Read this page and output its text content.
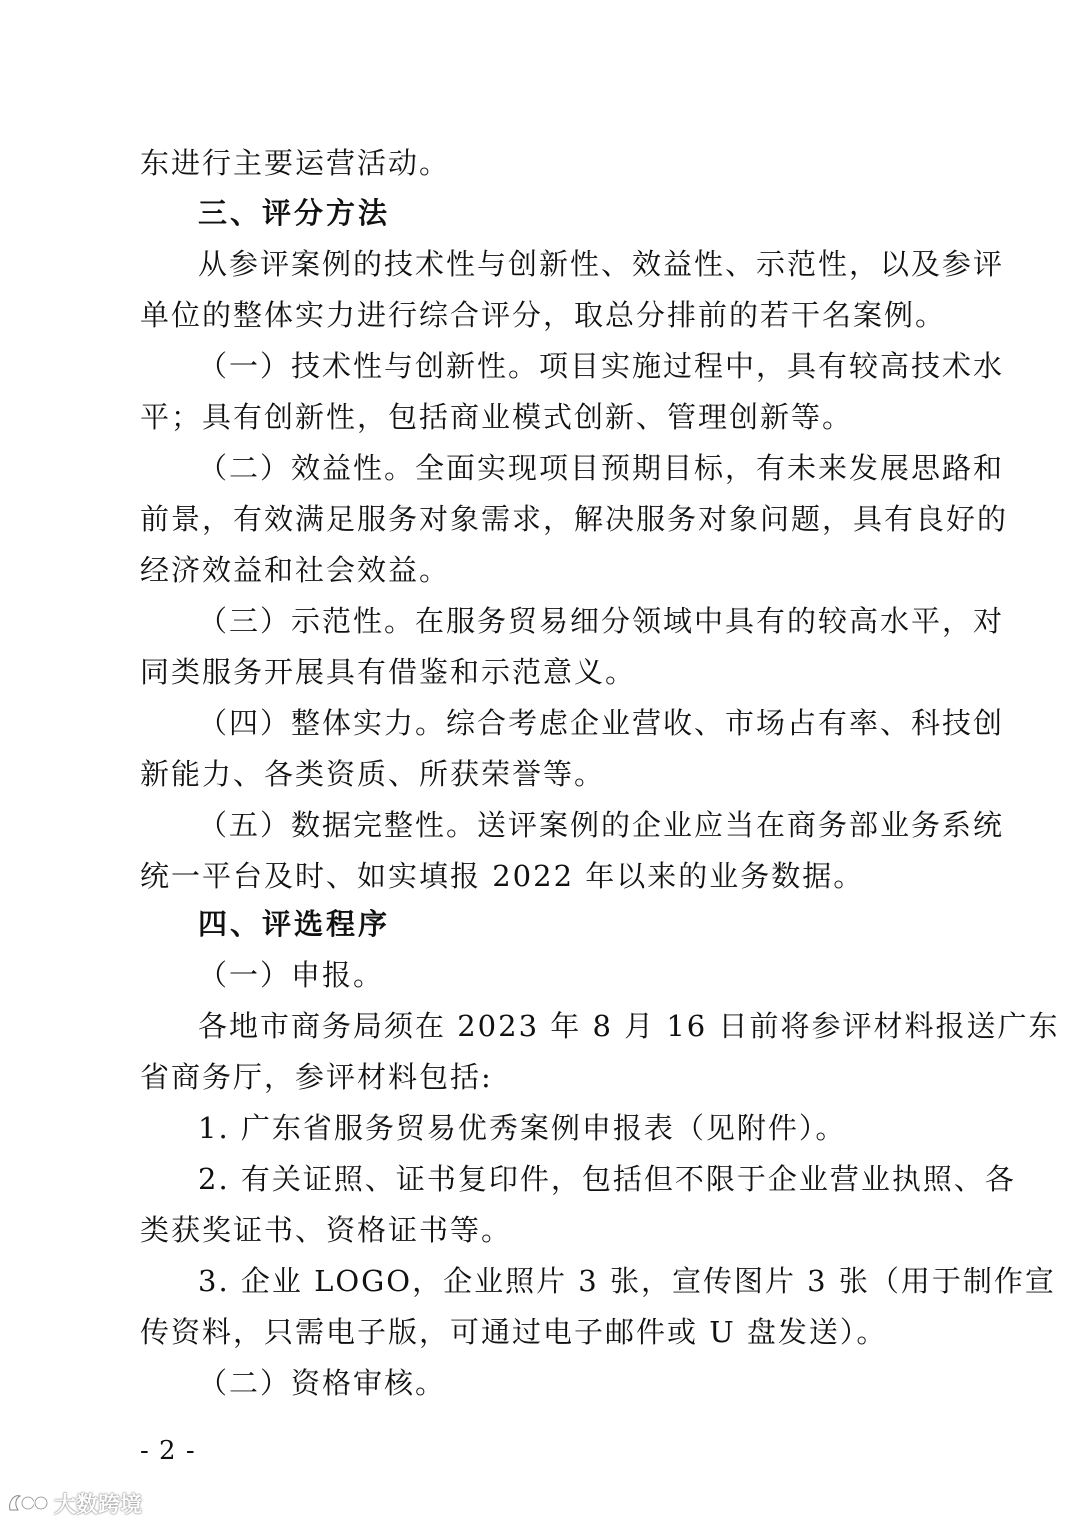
东进行主要运营活动。
三、评分方法
从参评案例的技术性与创新性、效益性、示范性，以及参评
单位的整体实力进行综合评分，取总分排前的若干名案例。
（一）技术性与创新性。项目实施过程中，具有较高技术水
平；具有创新性，包括商业模式创新、管理创新等。
（二）效益性。全面实现项目预期目标，有未来发展思路和
前景，有效满足服务对象需求，解决服务对象问题，具有良好的
经济效益和社会效益。
（三）示范性。在服务贸易细分领域中具有的较高水平，对
同类服务开展具有借鉴和示范意义。
（四）整体实力。综合考虑企业营收、市场占有率、科技创
新能力、各类资质、所获荣誉等。
（五）数据完整性。送评案例的企业应当在商务部业务系统
统一平台及时、如实填报 2022 年以来的业务数据。
四、评选程序
（一）申报。
各地市商务局须在 2023 年 8 月 16 日前将参评材料报送广东
省商务厅，参评材料包括:
1. 广东省服务贸易优秀案例申报表（见附件）。
2. 有关证照、证书复印件，包括但不限于企业营业执照、各
类获奖证书、资格证书等。
3. 企业 LOGO，企业照片 3 张，宣传图片 3 张（用于制作宣
传资料，只需电子版，可通过电子邮件或 U 盘发送）。
（二）资格审核。
- 2 -
大数跨境
